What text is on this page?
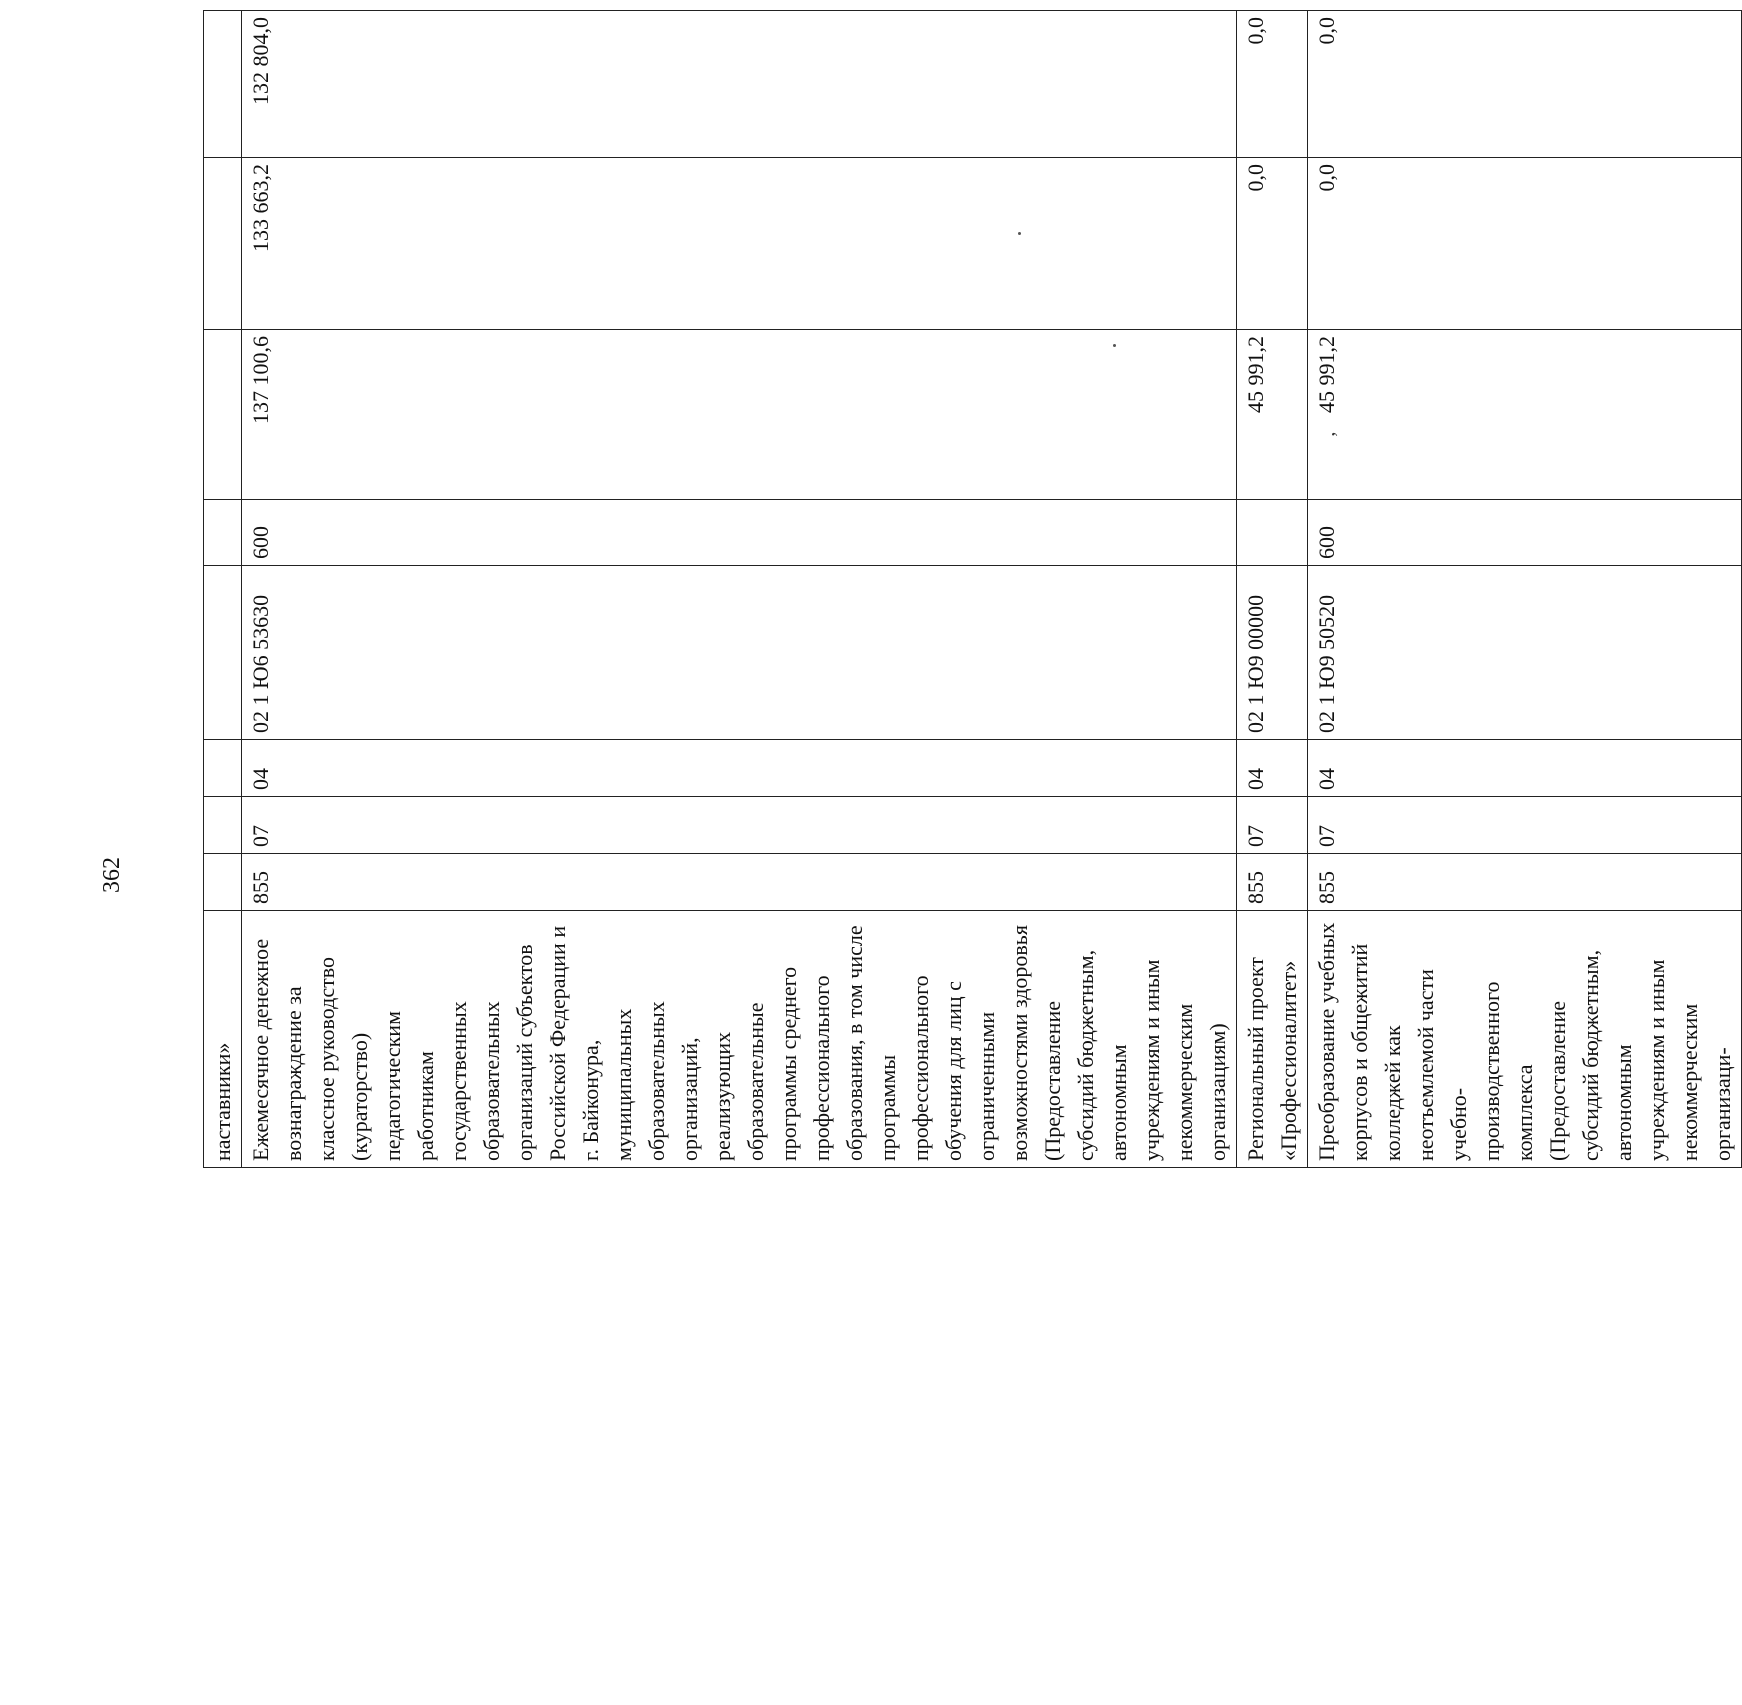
362
наставники»								
Ежемесячное денежное вознаграждение за классное руководство (кураторство) педагогическим работникам государственных образовательных организаций субъектов Российской Федерации и г. Байконура, муниципальных образовательных организаций, реализующих образовательные программы среднего профессионального образования, в том числе программы профессионального обучения для лиц с ограниченными возможностями здоровья (Предоставление субсидий бюджетным, автономным учреждениям и иным некоммерческим организациям)	855	07	04	02 1 Ю6 53630	600	137 100,6	133 663,2	132 804,0
Региональный проект «Профессионалитет»	855	07	04	02 1 Ю9 00000		45 991,2	0,0	0,0
Преобразование учебных корпусов и общежитий колледжей как неотъемлемой части учебно-производственного комплекса (Предоставление субсидий бюджетным, автономным учреждениям и иным некоммерческим организаци-	855	07	04	02 1 Ю9 50520	600	‚45 991,2	0,0	0,0
